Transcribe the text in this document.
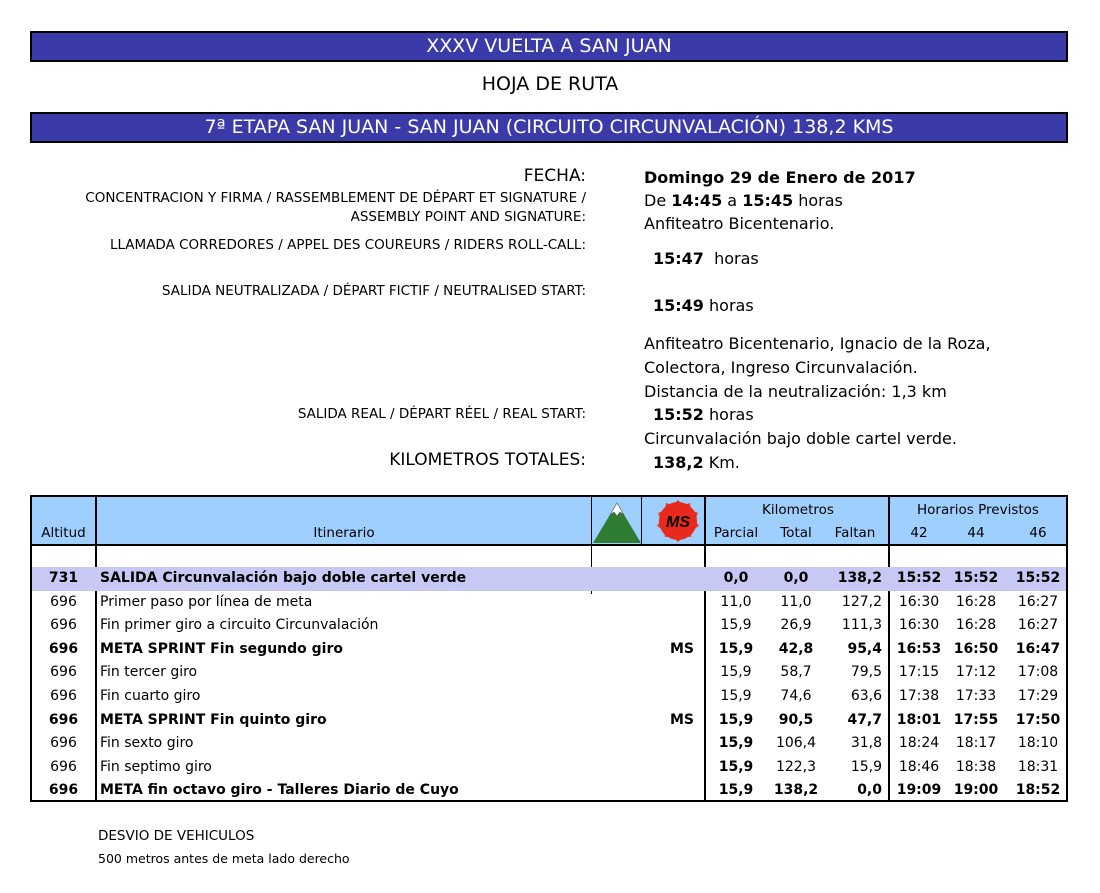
XXXV VUELTA A SAN JUAN
HOJA DE RUTA
7ª ETAPA SAN JUAN - SAN JUAN (CIRCUITO CIRCUNVALACIÓN) 138,2 KMS
FECHA:	Domingo 29 de Enero de 2017
CONCENTRACION Y FIRMA / RASSEMBLEMENT DE DÉPART ET SIGNATURE /
ASSEMBLY POINT AND SIGNATURE:
De 14:45 a 15:45 horas
Anfiteatro Bicentenario.
LLAMADA CORREDORES / APPEL DES COUREURS / RIDERS ROLL-CALL:
15:47 horas
SALIDA NEUTRALIZADA / DÉPART FICTIF / NEUTRALISED START:
15:49 horas
Anfiteatro Bicentenario, Ignacio de la Roza,
Colectora, Ingreso Circunvalación.
Distancia de la neutralización: 1,3 km
SALIDA REAL / DÉPART RÉEL / REAL START:	15:52 horas
Circunvalación bajo doble cartel verde.
KILOMETROS TOTALES:	138,2 Km.
Altitud	Itinerario
Kilometros
Parcial	Total	Faltan
Horarios Previstos
42	44	46
MS
731	SALIDA Circunvalación bajo doble cartel verde	0,0	0,0	138,2 15:52 15:52 15:52
696	Primer paso por línea de meta	11,0	11,0	127,2	16:30	16:28	16:27
696	Fin primer giro a circuito Circunvalación	15,9	26,9	111,3	16:30	16:28	16:27
696	META SPRINT Fin segundo giro	MS	15,9	42,8	95,4 16:53 16:50 16:47
696	Fin tercer giro	15,9	58,7	79,5	17:15	17:12	17:08
696	Fin cuarto giro	15,9	74,6	63,6	17:38	17:33	17:29
696	META SPRINT Fin quinto giro	MS	15,9	90,5	47,7 18:01 17:55 17:50
696	Fin sexto giro	15,9	106,4	31,8	18:24	18:17	18:10
696	Fin septimo giro	15,9	122,3	15,9	18:46	18:38	18:31
696	META fin octavo giro - Talleres Diario de Cuyo	15,9	138,2	0,0 19:09 19:00 18:52
DESVIO DE VEHICULOS
500 metros antes de meta lado derecho
